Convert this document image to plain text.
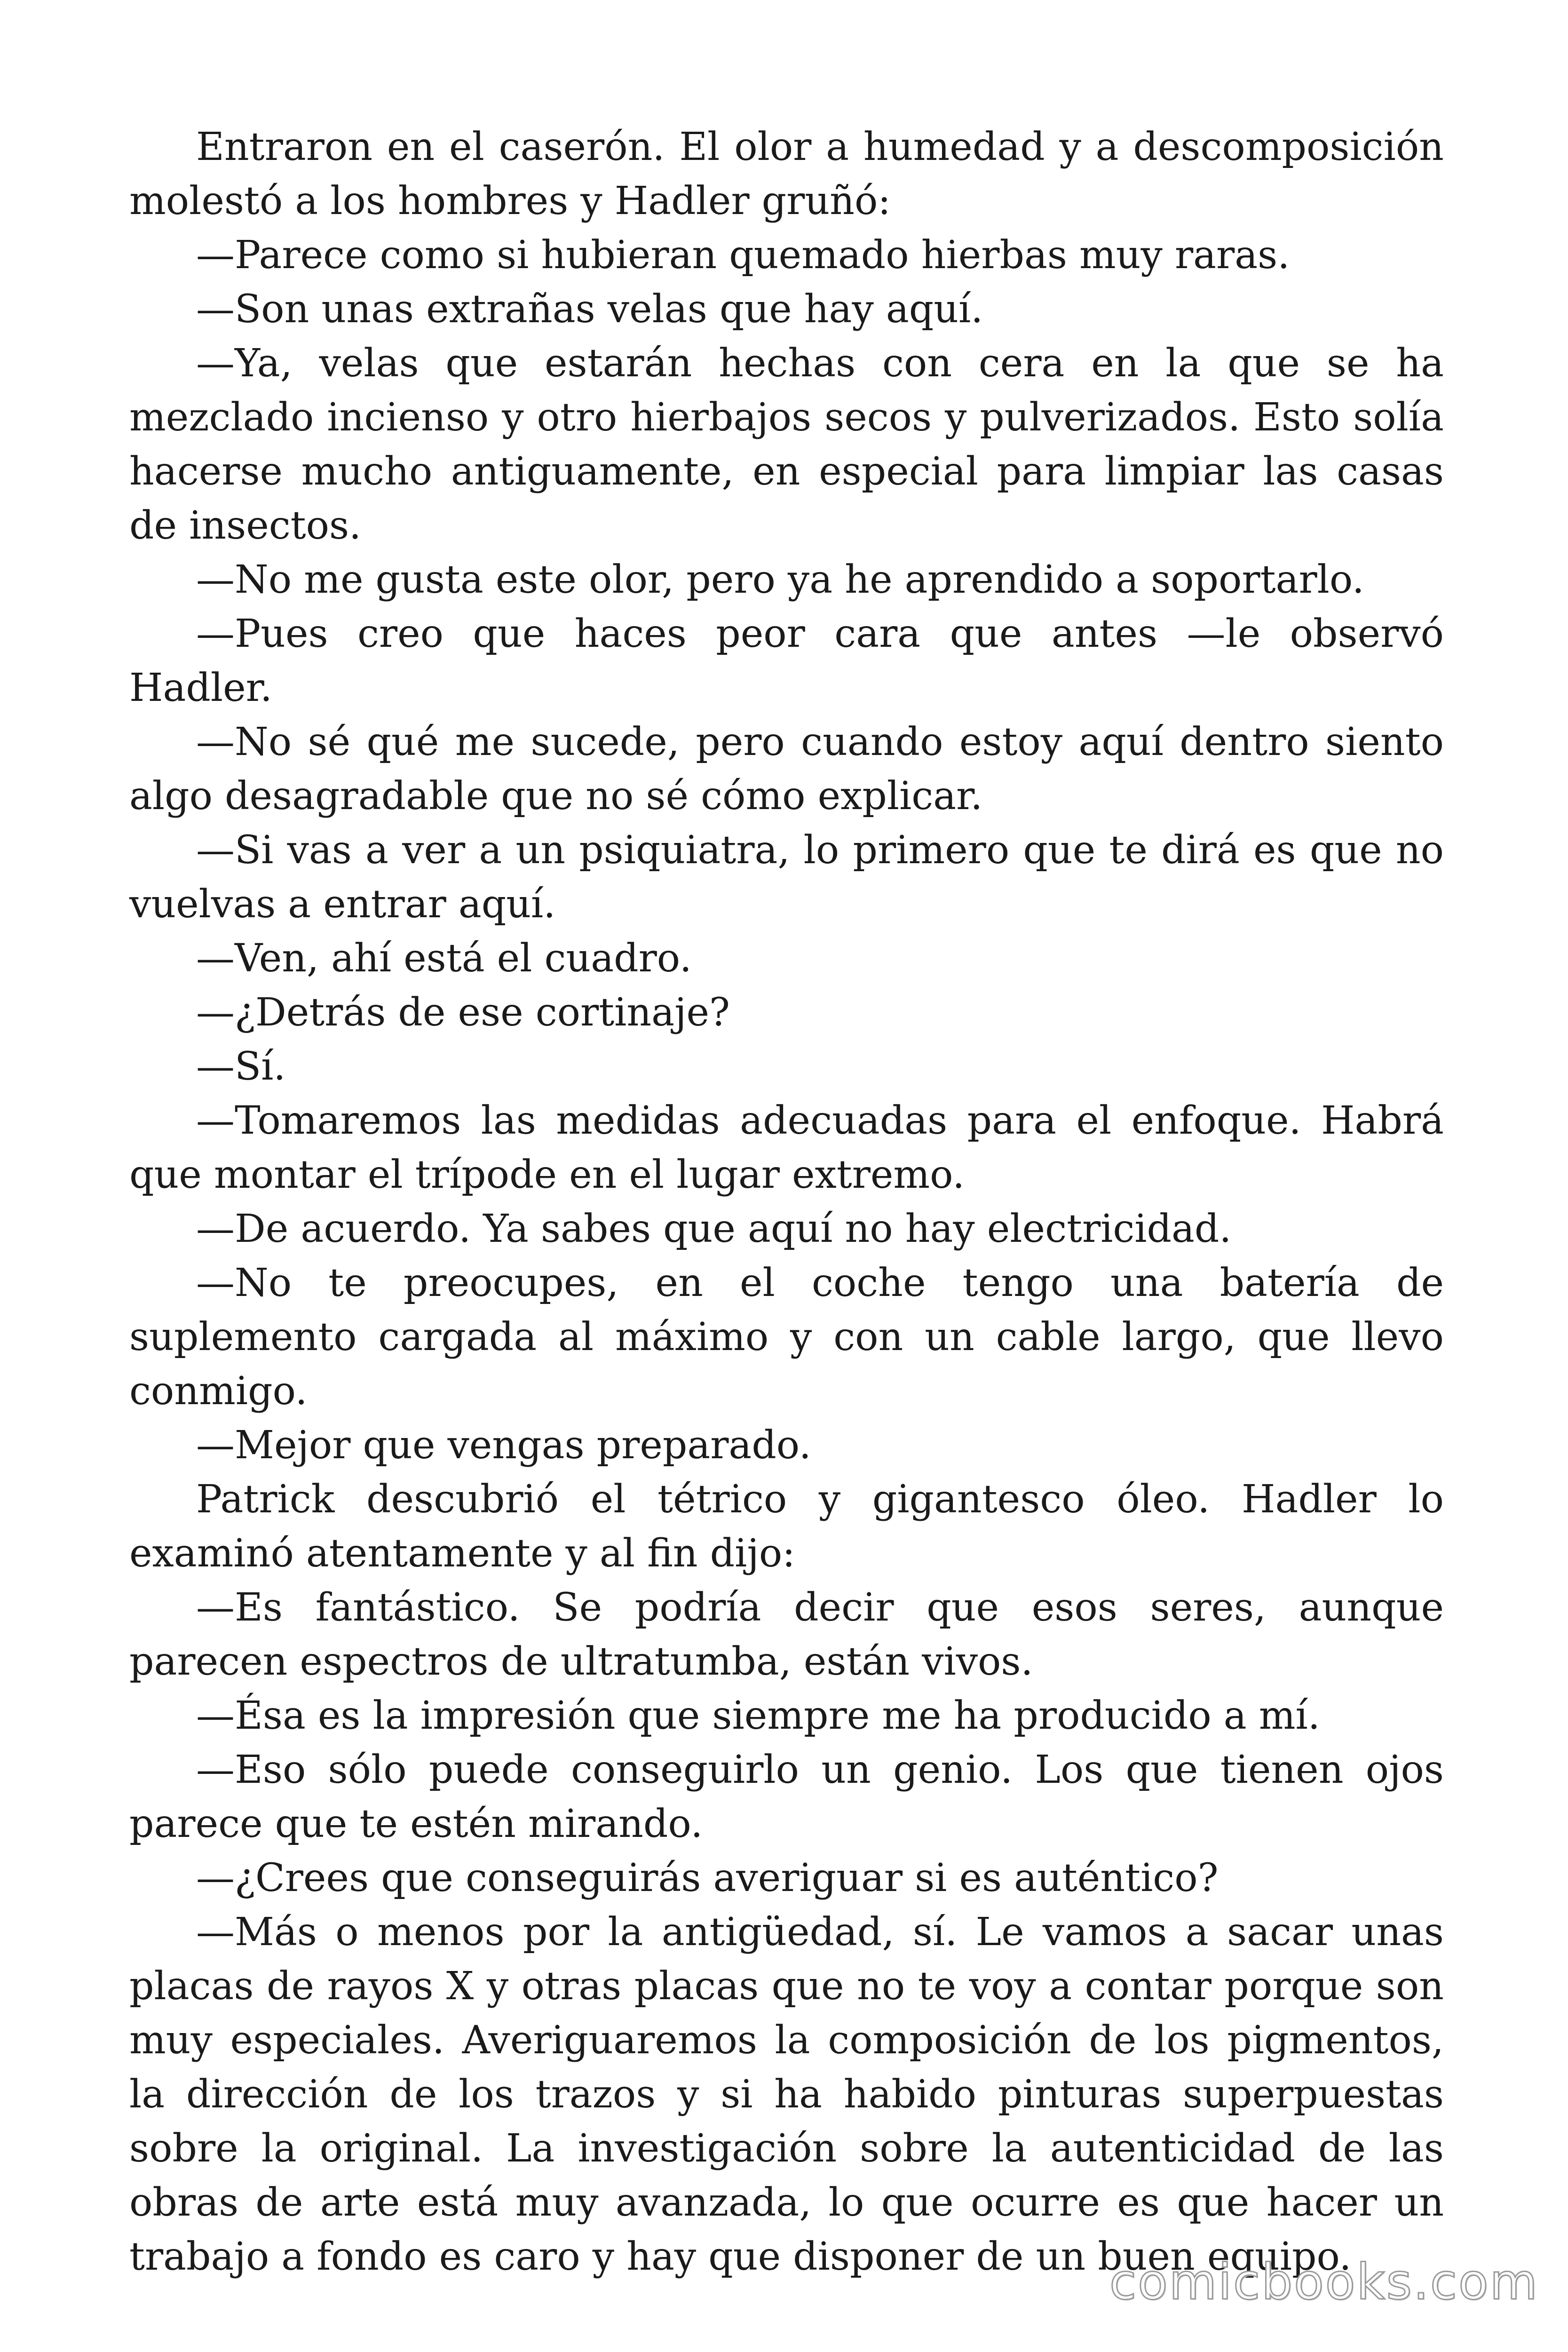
Entraron en el caserón. El olor a humedad y a descomposición molestó a los hombres y Hadler gruñó:

—Parece como si hubieran quemado hierbas muy raras.

—Son unas extrañas velas que hay aquí.

—Ya, velas que estarán hechas con cera en la que se ha mezclado incienso y otro hierbajos secos y pulverizados. Esto solía hacerse mucho antiguamente, en especial para limpiar las casas de insectos.

—No me gusta este olor, pero ya he aprendido a soportarlo.

—Pues creo que haces peor cara que antes —le observó Hadler.

—No sé qué me sucede, pero cuando estoy aquí dentro siento algo desagradable que no sé cómo explicar.

—Si vas a ver a un psiquiatra, lo primero que te dirá es que no vuelvas a entrar aquí.

—Ven, ahí está el cuadro.

—¿Detrás de ese cortinaje?

—Sí.

—Tomaremos las medidas adecuadas para el enfoque. Habrá que montar el trípode en el lugar extremo.

—De acuerdo. Ya sabes que aquí no hay electricidad.

—No te preocupes, en el coche tengo una batería de suplemento cargada al máximo y con un cable largo, que llevo conmigo.

—Mejor que vengas preparado.

Patrick descubrió el tétrico y gigantesco óleo. Hadler lo examinó atentamente y al fin dijo:

—Es fantástico. Se podría decir que esos seres, aunque parecen espectros de ultratumba, están vivos.

—Ésa es la impresión que siempre me ha producido a mí.

—Eso sólo puede conseguirlo un genio. Los que tienen ojos parece que te estén mirando.

—¿Crees que conseguirás averiguar si es auténtico?

—Más o menos por la antigüedad, sí. Le vamos a sacar unas placas de rayos X y otras placas que no te voy a contar porque son muy especiales. Averiguaremos la composición de los pigmentos, la dirección de los trazos y si ha habido pinturas superpuestas sobre la original. La investigación sobre la autenticidad de las obras de arte está muy avanzada, lo que ocurre es que hacer un trabajo a fondo es caro y hay que disponer de un buen equipo.

comicbooks.com
